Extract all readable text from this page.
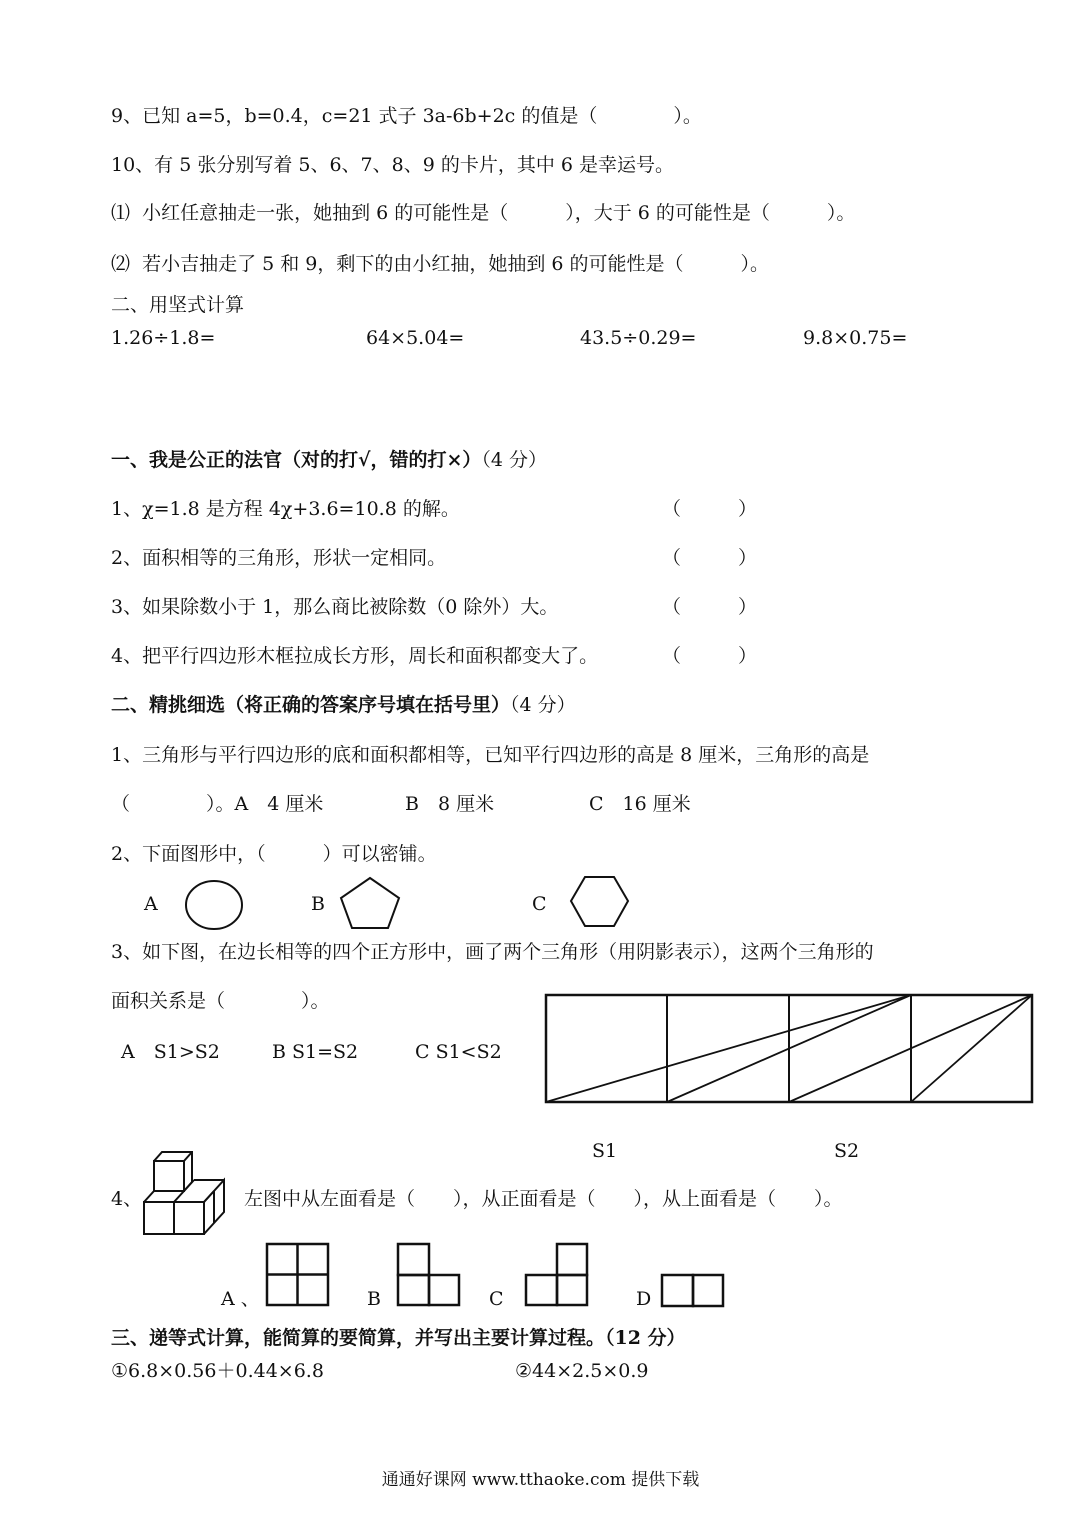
9、已知 a=5，b=0.4，c=21 式子 3a-6b+2c 的值是（　　　　）。
10、有 5 张分别写着 5、6、7、8、9 的卡片，其中 6 是幸运号。
⑴  小红任意抽走一张，她抽到 6 的可能性是（　　　），大于 6 的可能性是（　　　）。
⑵  若小吉抽走了 5 和 9，剩下的由小红抽，她抽到 6 的可能性是（　　　）。
二、用坚式计算
1.26÷1.8=	64×5.04=	43.5÷0.29=	9.8×0.75=
一、我是公正的法官（对的打√，错的打×）（4 分）
1、χ=1.8 是方程 4χ+3.6=10.8 的解。	（　　　）
2、面积相等的三角形，形状一定相同。	（　　　）
3、如果除数小于 1，那么商比被除数（0 除外）大。	（　　　）
4、把平行四边形木框拉成长方形，周长和面积都变大了。	（　　　）
二、精挑细选（将正确的答案序号填在括号里）（4 分）
1、三角形与平行四边形的底和面积都相等，已知平行四边形的高是 8 厘米，三角形的高是
（　　　　）。A　4 厘米	B　8 厘米	C　16 厘米
2、下面图形中，（　　　）可以密铺。
A	B	C
3、如下图，在边长相等的四个正方形中，画了两个三角形（用阴影表示），这两个三角形的
面积关系是（　　　　）。
A　S1>S2	B S1=S2	C S1<S2
S1	S2
4、	左图中从左面看是（　　），从正面看是（　　），从上面看是（　　）。
A 、	B	C	D
三、递等式计算，能简算的要简算，并写出主要计算过程。（12 分）
①6.8×0.56＋0.44×6.8	②44×2.5×0.9
通通好课网 www.tthaoke.com 提供下载
